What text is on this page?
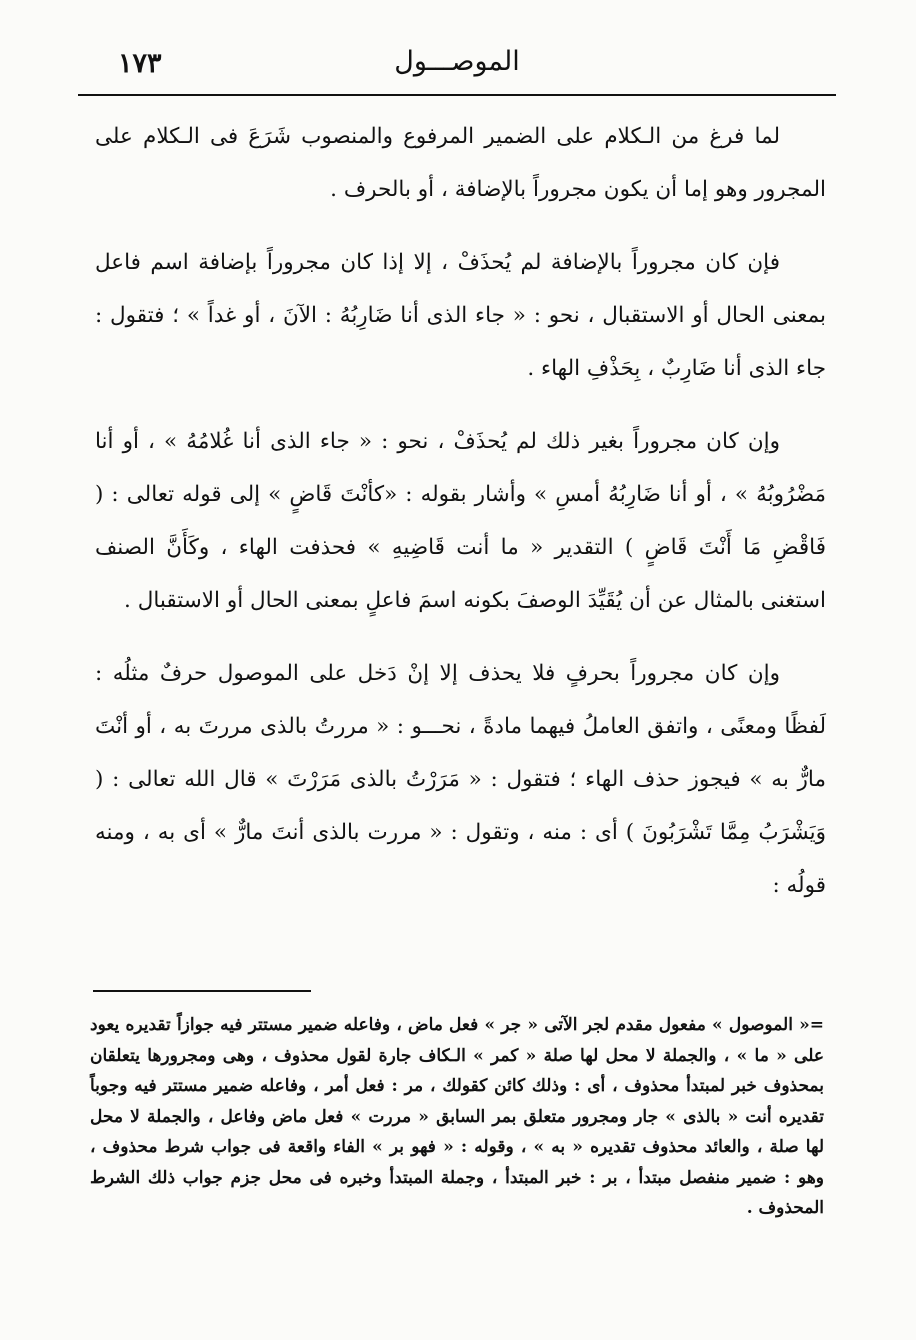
١٧٣	الموصـــول

لما فرغ من الـكلام على الضمير المرفوع والمنصوب شَرَعَ فى الـكلام على المجرور وهو إما أن يكون مجروراً بالإضافة ، أو بالحرف .

فإن كان مجروراً بالإضافة لم يُحذَفْ ، إلا إذا كان مجروراً بإضافة اسم فاعل بمعنى الحال أو الاستقبال ، نحو : « جاء الذى أنا ضَارِبُهُ : الآنَ ، أو غداً » ؛ فتقول : جاء الذى أنا ضَارِبٌ ، بِحَذْفِ الهاء .

وإن كان مجروراً بغير ذلك لم يُحذَفْ ، نحو : « جاء الذى أنا غُلامُهُ » ، أو أنا مَضْرُوبُهُ » ، أو أنا ضَارِبُهُ أمسِ » وأشار بقوله : «كأنْتَ قَاضٍ » إلى قوله تعالى : ( فَاقْضِ مَا أَنْتَ قَاضٍ ) التقدير « ما أنت قَاضِيهِ » فحذفت الهاء ، وكَأَنَّ الصنف استغنى بالمثال عن أن يُقَيِّدَ الوصفَ بكونه اسمَ فاعلٍ بمعنى الحال أو الاستقبال .

وإن كان مجروراً بحرفٍ فلا يحذف إلا إنْ دَخل على الموصول حرفٌ مثلُه : لَفظًا ومعنًى ، واتفق العاملُ فيهما مادةً ، نحـــو : « مررتُ بالذى مررتَ به ، أو أنْتَ مارٌّ به » فيجوز حذف الهاء ؛ فتقول : « مَرَرْتُ بالذى مَرَرْتَ » قال الله تعالى : ( وَيَشْرَبُ مِمَّا تَشْرَبُونَ ) أى : منه ، وتقول : « مررت بالذى أنتَ مارٌّ » أى به ، ومنه قولُه :

=« الموصول » مفعول مقدم لجر الآتى « جر » فعل ماض ، وفاعله ضمير مستتر فيه جوازاً تقديره يعود على « ما » ، والجملة لا محل لها صلة « كمر » الـكاف جارة لقول محذوف ، وهى ومجرورها يتعلقان بمحذوف خبر لمبتدأ محذوف ، أى : وذلك كائن كقولك ، مر : فعل أمر ، وفاعله ضمير مستتر فيه وجوباً تقديره أنت « بالذى » جار ومجرور متعلق بمر السابق « مررت » فعل ماض وفاعل ، والجملة لا محل لها صلة ، والعائد محذوف تقديره « به » ، وقوله : « فهو بر » الفاء واقعة فى جواب شرط محذوف ، وهو : ضمير منفصل مبتدأ ، بر : خبر المبتدأ ، وجملة المبتدأ وخبره فى محل جزم جواب ذلك الشرط المحذوف .
